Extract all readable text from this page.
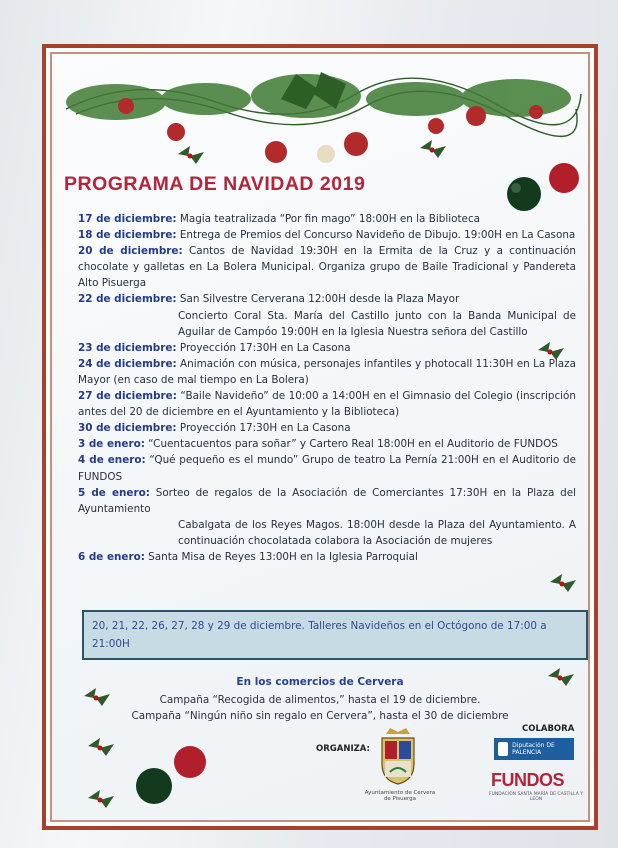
PROGRAMA DE NAVIDAD 2019

17 de diciembre: Magia teatralizada “Por fin mago” 18:00H en la Biblioteca

18 de diciembre: Entrega de Premios del Concurso Navideño de Dibujo. 19:00H en La Casona

20 de diciembre: Cantos de Navidad 19:30H en la Ermita de la Cruz y a continuación chocolate y galletas en La Bolera Municipal. Organiza grupo de Baile Tradicional y Pandereta Alto Pisuerga

22 de diciembre: San Silvestre Cerverana 12:00H desde la Plaza Mayor

Concierto Coral Sta. María del Castillo junto con la Banda Municipal de Aguilar de Campóo 19:00H en la Iglesia Nuestra señora del Castillo

23 de diciembre: Proyección 17:30H en La Casona

24 de diciembre: Animación con música, personajes infantiles y photocall 11:30H en La Plaza Mayor (en caso de mal tiempo en La Bolera)

27 de diciembre: “Baile Navideño” de 10:00 a 14:00H en el Gimnasio del Colegio (inscripción antes del 20 de diciembre en el Ayuntamiento y la Biblioteca)

30 de diciembre: Proyección 17:30H en La Casona

3 de enero: “Cuentacuentos para soñar” y Cartero Real 18:00H en el Auditorio de FUNDOS

4 de enero: “Qué pequeño es el mundo” Grupo de teatro La Pernía 21:00H en el Auditorio de FUNDOS

5 de enero: Sorteo de regalos de la Asociación de Comerciantes 17:30H en la Plaza del Ayuntamiento

Cabalgata de los Reyes Magos. 18:00H desde la Plaza del Ayuntamiento. A continuación chocolatada colabora la Asociación de mujeres

6 de enero: Santa Misa de Reyes 13:00H en la Iglesia Parroquial

20, 21, 22, 26, 27, 28 y 29 de diciembre. Talleres Navideños en el Octógono de 17:00 a 21:00H
En los comercios de Cervera
Campaña “Recogida de alimentos,” hasta el 19 de diciembre.
Campaña “Ningún niño sin regalo en Cervera”, hasta el 30 de diciembre
ORGANIZA:
Ayuntamiento de Cervera de Pisuerga
COLABORA
Diputación DE PALENCIA
FUNDOS
FUNDACIÓN SANTA MARÍA DE CASTILLA Y LEÓN
